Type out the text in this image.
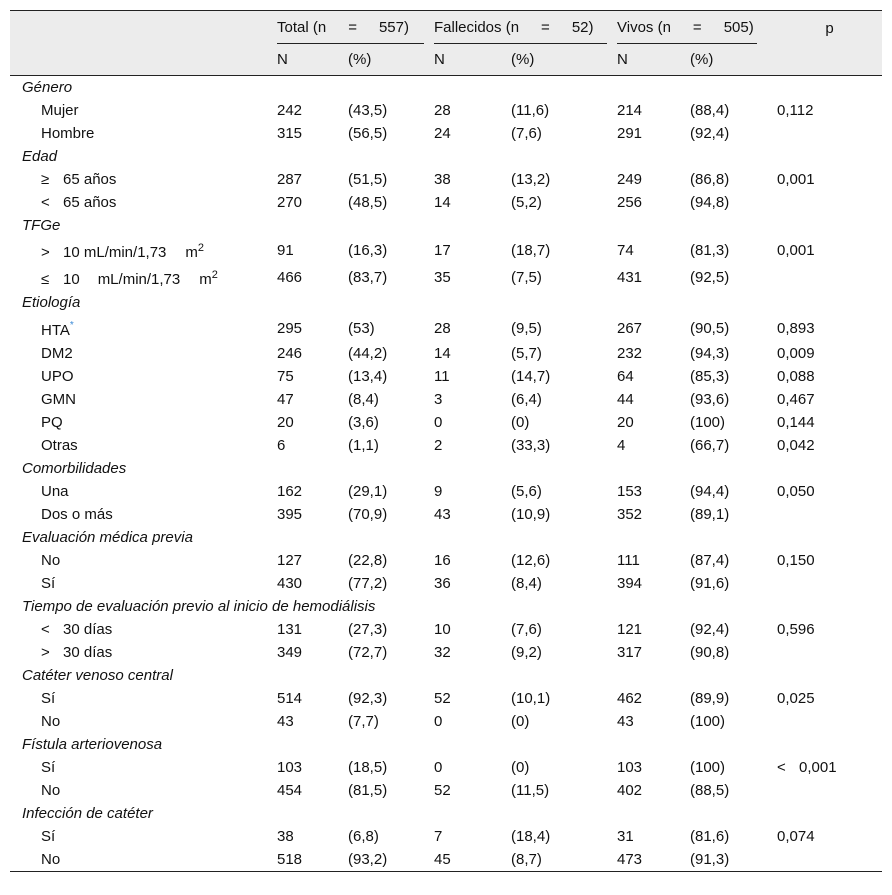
	Total (n = 557)		Fallecidos (n = 52)		Vivos (n = 505)		p
	N	(%)	N	(%)	N	(%)	
Género							
Mujer	242	(43,5)	28	(11,6)	214	(88,4)	0,112
Hombre	315	(56,5)	24	(7,6)	291	(92,4)	
Edad							
≥ 65 años	287	(51,5)	38	(13,2)	249	(86,8)	0,001
< 65 años	270	(48,5)	14	(5,2)	256	(94,8)	
TFGe							
> 10 mL/min/1,73 $m^2$	91	(16,3)	17	(18,7)	74	(81,3)	0,001
≤ 10 mL/min/1,73 $m^2$	466	(83,7)	35	(7,5)	431	(92,5)	
Etiología							
HTA*	295	(53)	28	(9,5)	267	(90,5)	0,893
DM2	246	(44,2)	14	(5,7)	232	(94,3)	0,009
UPO	75	(13,4)	11	(14,7)	64	(85,3)	0,088
GMN	47	(8,4)	3	(6,4)	44	(93,6)	0,467
PQ	20	(3,6)	0	(0)	20	(100)	0,144
Otras	6	(1,1)	2	(33,3)	4	(66,7)	0,042
Comorbilidades							
Una	162	(29,1)	9	(5,6)	153	(94,4)	0,050
Dos o más	395	(70,9)	43	(10,9)	352	(89,1)	
Evaluación médica previa							
No	127	(22,8)	16	(12,6)	111	(87,4)	0,150
Sí	430	(77,2)	36	(8,4)	394	(91,6)	
Tiempo de evaluación previo al inicio de hemodiálisis							
< 30 días	131	(27,3)	10	(7,6)	121	(92,4)	0,596
> 30 días	349	(72,7)	32	(9,2)	317	(90,8)	
Catéter venoso central							
Sí	514	(92,3)	52	(10,1)	462	(89,9)	0,025
No	43	(7,7)	0	(0)	43	(100)	
Fístula arteriovenosa							
Sí	103	(18,5)	0	(0)	103	(100)	< 0,001
No	454	(81,5)	52	(11,5)	402	(88,5)	
Infección de catéter							
Sí	38	(6,8)	7	(18,4)	31	(81,6)	0,074
No	518	(93,2)	45	(8,7)	473	(91,3)	
